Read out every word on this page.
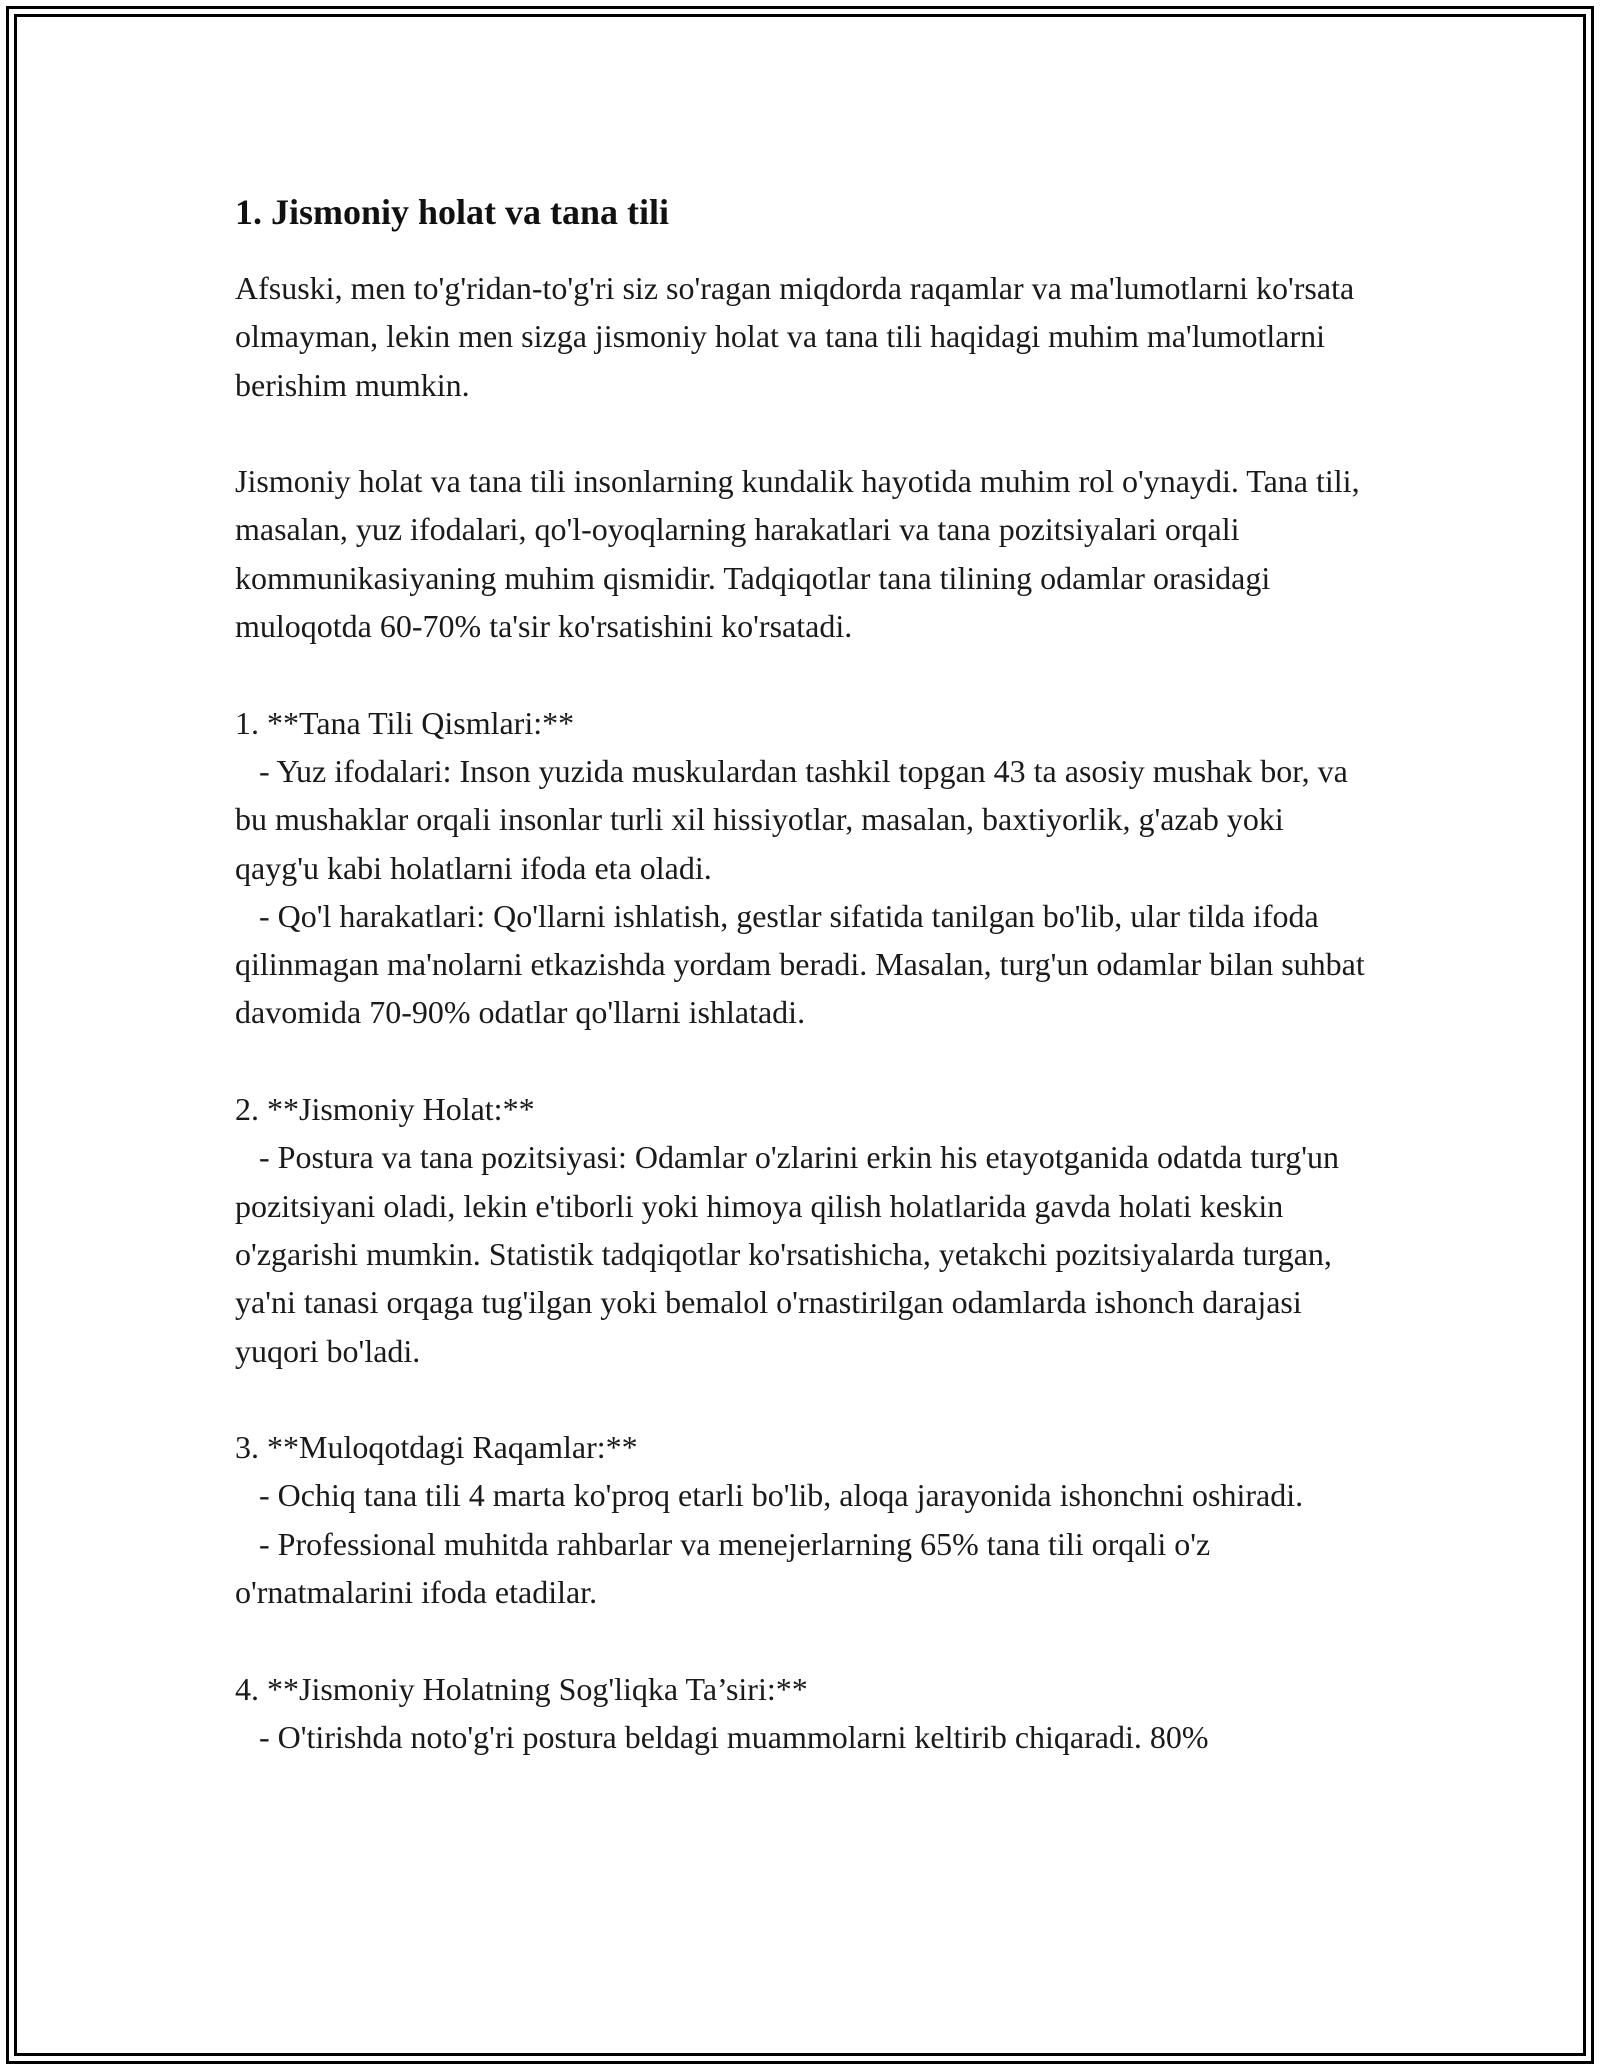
1. Jismoniy holat va tana tili

Afsuski, men to'g'ridan-to'g'ri siz so'ragan miqdorda raqamlar va ma'lumotlarni ko'rsata olmayman, lekin men sizga jismoniy holat va tana tili haqidagi muhim ma'lumotlarni berishim mumkin.

Jismoniy holat va tana tili insonlarning kundalik hayotida muhim rol o'ynaydi. Tana tili, masalan, yuz ifodalari, qo'l-oyoqlarning harakatlari va tana pozitsiyalari orqali kommunikasiyaning muhim qismidir. Tadqiqotlar tana tilining odamlar orasidagi muloqotda 60-70% ta'sir ko'rsatishini ko'rsatadi.

1. **Tana Tili Qismlari:**
- Yuz ifodalari: Inson yuzida muskulardan tashkil topgan 43 ta asosiy mushak bor, va bu mushaklar orqali insonlar turli xil hissiyotlar, masalan, baxtiyorlik, g'azab yoki qayg'u kabi holatlarni ifoda eta oladi.
- Qo'l harakatlari: Qo'llarni ishlatish, gestlar sifatida tanilgan bo'lib, ular tilda ifoda qilinmagan ma'nolarni etkazishda yordam beradi. Masalan, turg'un odamlar bilan suhbat davomida 70-90% odatlar qo'llarni ishlatadi.

2. **Jismoniy Holat:**
- Postura va tana pozitsiyasi: Odamlar o'zlarini erkin his etayotganida odatda turg'un pozitsiyani oladi, lekin e'tiborli yoki himoya qilish holatlarida gavda holati keskin o'zgarishi mumkin. Statistik tadqiqotlar ko'rsatishicha, yetakchi pozitsiyalarda turgan, ya'ni tanasi orqaga tug'ilgan yoki bemalol o'rnastirilgan odamlarda ishonch darajasi yuqori bo'ladi.

3. **Muloqotdagi Raqamlar:**
- Ochiq tana tili 4 marta ko'proq etarli bo'lib, aloqa jarayonida ishonchni oshiradi.
- Professional muhitda rahbarlar va menejerlarning 65% tana tili orqali o'z o'rnatmalarini ifoda etadilar.

4. **Jismoniy Holatning Sog'liqka Ta’siri:**
- O'tirishda noto'g'ri postura beldagi muammolarni keltirib chiqaradi. 80%
